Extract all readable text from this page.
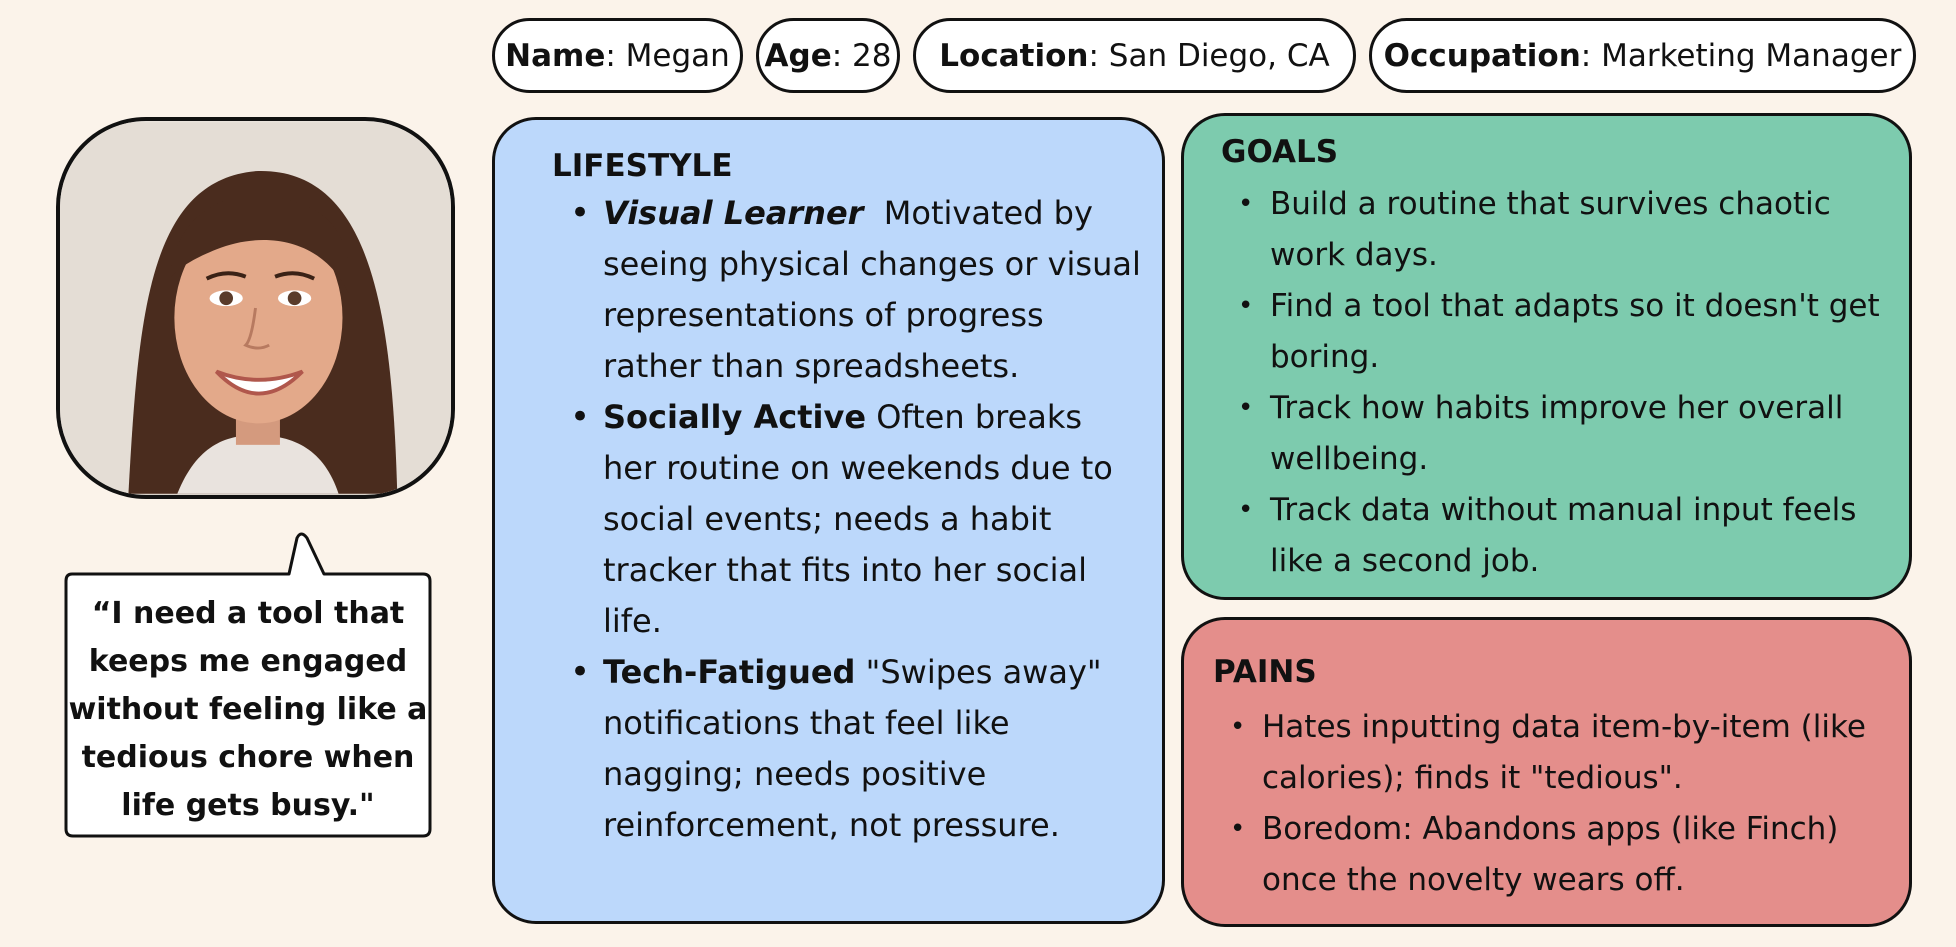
Name : Megan Age : 28 Location : San Diego, CA Occupation : Marketing Manager
“I need a tool that keeps me engaged without feeling like a tedious chore when life gets busy."
LIFESTYLE
• Visual Learner  Motivated by seeing physical changes or visual representations of progress rather than spreadsheets.
• Socially Active Often breaks her routine on weekends due to social events; needs a habit tracker that fits into her social life.
• Tech-Fatigued "Swipes away" notifications that feel like nagging; needs positive reinforcement, not pressure.
GOALS
• Build a routine that survives chaotic work days.
• Find a tool that adapts so it doesn't get boring.
• Track how habits improve her overall wellbeing.
• Track data without manual input feels like a second job.
PAINS
• Hates inputting data item-by-item (like calories); finds it "tedious".
• Boredom: Abandons apps (like Finch) once the novelty wears off.
